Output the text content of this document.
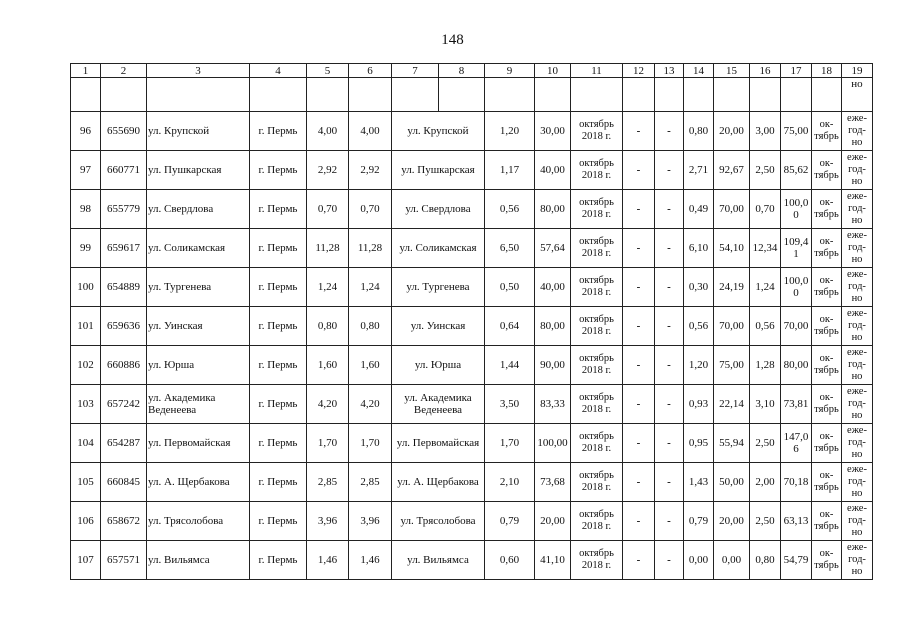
148
1	2	3	4	5	6	7	8	9	10	11	12	13	14	15	16	17	18	19
																		но
96	655690	ул. Крупской	г. Пермь	4,00	4,00	ул. Крупской		1,20	30,00	октябрь 2018 г.	-	-	0,80	20,00	3,00	75,00	ок-тябрь	еже-год-но
97	660771	ул. Пушкарская	г. Пермь	2,92	2,92	ул. Пушкарская		1,17	40,00	октябрь 2018 г.	-	-	2,71	92,67	2,50	85,62	ок-тябрь	еже-год-но
98	655779	ул. Свердлова	г. Пермь	0,70	0,70	ул. Свердлова		0,56	80,00	октябрь 2018 г.	-	-	0,49	70,00	0,70	100,0 0	ок-тябрь	еже-год-но
99	659617	ул. Соликамская	г. Пермь	11,28	11,28	ул. Соликамская		6,50	57,64	октябрь 2018 г.	-	-	6,10	54,10	12,34	109,4 1	ок-тябрь	еже-год-но
100	654889	ул. Тургенева	г. Пермь	1,24	1,24	ул. Тургенева		0,50	40,00	октябрь 2018 г.	-	-	0,30	24,19	1,24	100,0 0	ок-тябрь	еже-год-но
101	659636	ул. Уинская	г. Пермь	0,80	0,80	ул. Уинская		0,64	80,00	октябрь 2018 г.	-	-	0,56	70,00	0,56	70,00	ок-тябрь	еже-год-но
102	660886	ул. Юрша	г. Пермь	1,60	1,60	ул. Юрша		1,44	90,00	октябрь 2018 г.	-	-	1,20	75,00	1,28	80,00	ок-тябрь	еже-год-но
103	657242	ул. Академика Веденеева	г. Пермь	4,20	4,20	ул. Академика Веденеева		3,50	83,33	октябрь 2018 г.	-	-	0,93	22,14	3,10	73,81	ок-тябрь	еже-год-но
104	654287	ул. Первомайская	г. Пермь	1,70	1,70	ул. Первомайская		1,70	100,00	октябрь 2018 г.	-	-	0,95	55,94	2,50	147,0 6	ок-тябрь	еже-год-но
105	660845	ул. А. Щербакова	г. Пермь	2,85	2,85	ул. А. Щербакова		2,10	73,68	октябрь 2018 г.	-	-	1,43	50,00	2,00	70,18	ок-тябрь	еже-год-но
106	658672	ул. Трясолобова	г. Пермь	3,96	3,96	ул. Трясолобова		0,79	20,00	октябрь 2018 г.	-	-	0,79	20,00	2,50	63,13	ок-тябрь	еже-год-но
107	657571	ул. Вильямса	г. Пермь	1,46	1,46	ул. Вильямса		0,60	41,10	октябрь 2018 г.	-	-	0,00	0,00	0,80	54,79	ок-тябрь	еже-год-но
